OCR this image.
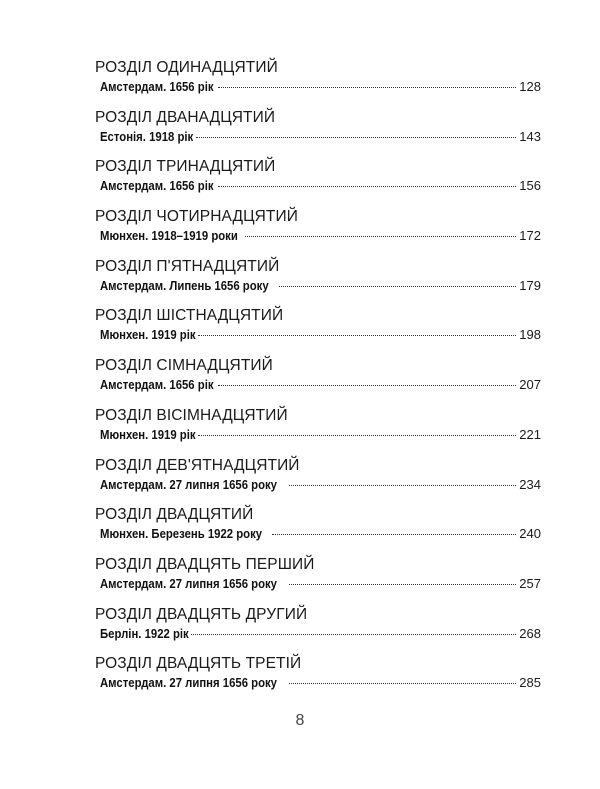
РОЗДІЛ ОДИНАДЦЯТИЙ
Амстердам. 1656 рік	128
РОЗДІЛ ДВАНАДЦЯТИЙ
Естонія. 1918 рік	143
РОЗДІЛ ТРИНАДЦЯТИЙ
Амстердам. 1656 рік	156
РОЗДІЛ ЧОТИРНАДЦЯТИЙ
Мюнхен. 1918–1919 роки	172
РОЗДІЛ П'ЯТНАДЦЯТИЙ
Амстердам. Липень 1656 року	179
РОЗДІЛ ШІСТНАДЦЯТИЙ
Мюнхен. 1919 рік	198
РОЗДІЛ СІМНАДЦЯТИЙ
Амстердам. 1656 рік	207
РОЗДІЛ ВІСІМНАДЦЯТИЙ
Мюнхен. 1919 рік	221
РОЗДІЛ ДЕВ'ЯТНАДЦЯТИЙ
Амстердам. 27 липня 1656 року	234
РОЗДІЛ ДВАДЦЯТИЙ
Мюнхен. Березень 1922 року	240
РОЗДІЛ ДВАДЦЯТЬ ПЕРШИЙ
Амстердам. 27 липня 1656 року	257
РОЗДІЛ ДВАДЦЯТЬ ДРУГИЙ
Берлін. 1922 рік	268
РОЗДІЛ ДВАДЦЯТЬ ТРЕТІЙ
Амстердам. 27 липня 1656 року	285
8
